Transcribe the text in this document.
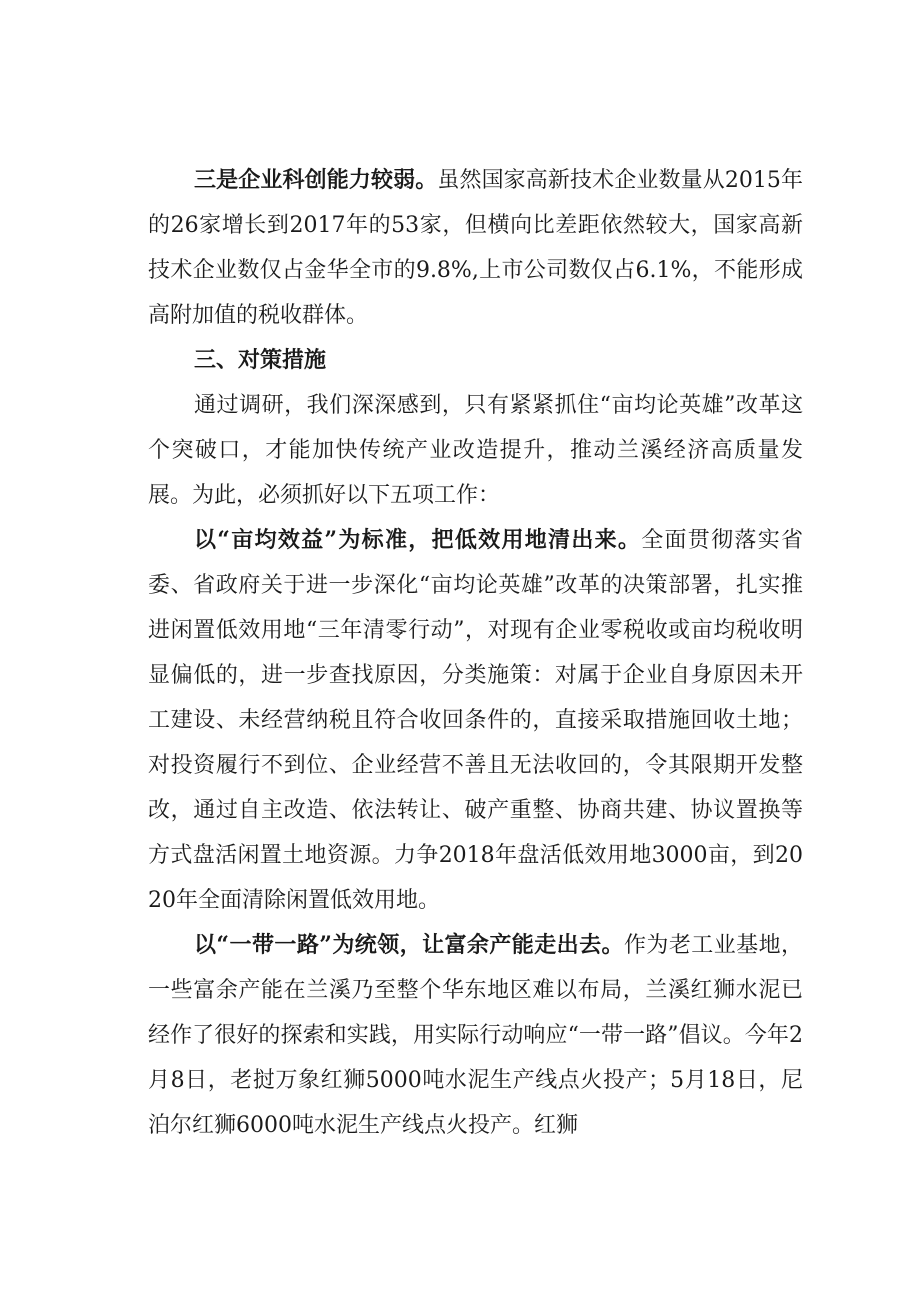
三是企业科创能力较弱。虽然国家高新技术企业数量从2015年的26家增长到2017年的53家，但横向比差距依然较大，国家高新技术企业数仅占金华全市的9.8%,上市公司数仅占6.1%，不能形成高附加值的税收群体。

三、对策措施

通过调研，我们深深感到，只有紧紧抓住“亩均论英雄”改革这个突破口，才能加快传统产业改造提升，推动兰溪经济高质量发展。为此，必须抓好以下五项工作：

以“亩均效益”为标准，把低效用地清出来。全面贯彻落实省委、省政府关于进一步深化“亩均论英雄”改革的决策部署，扎实推进闲置低效用地“三年清零行动”，对现有企业零税收或亩均税收明显偏低的，进一步查找原因，分类施策：对属于企业自身原因未开工建设、未经营纳税且符合收回条件的，直接采取措施回收土地；对投资履行不到位、企业经营不善且无法收回的，令其限期开发整改，通过自主改造、依法转让、破产重整、协商共建、协议置换等方式盘活闲置土地资源。力争2018年盘活低效用地3000亩，到2020年全面清除闲置低效用地。

以“一带一路”为统领，让富余产能走出去。作为老工业基地，一些富余产能在兰溪乃至整个华东地区难以布局，兰溪红狮水泥已经作了很好的探索和实践，用实际行动响应“一带一路”倡议。今年2月8日，老挝万象红狮5000吨水泥生产线点火投产；5月18日，尼泊尔红狮6000吨水泥生产线点火投产。红狮
